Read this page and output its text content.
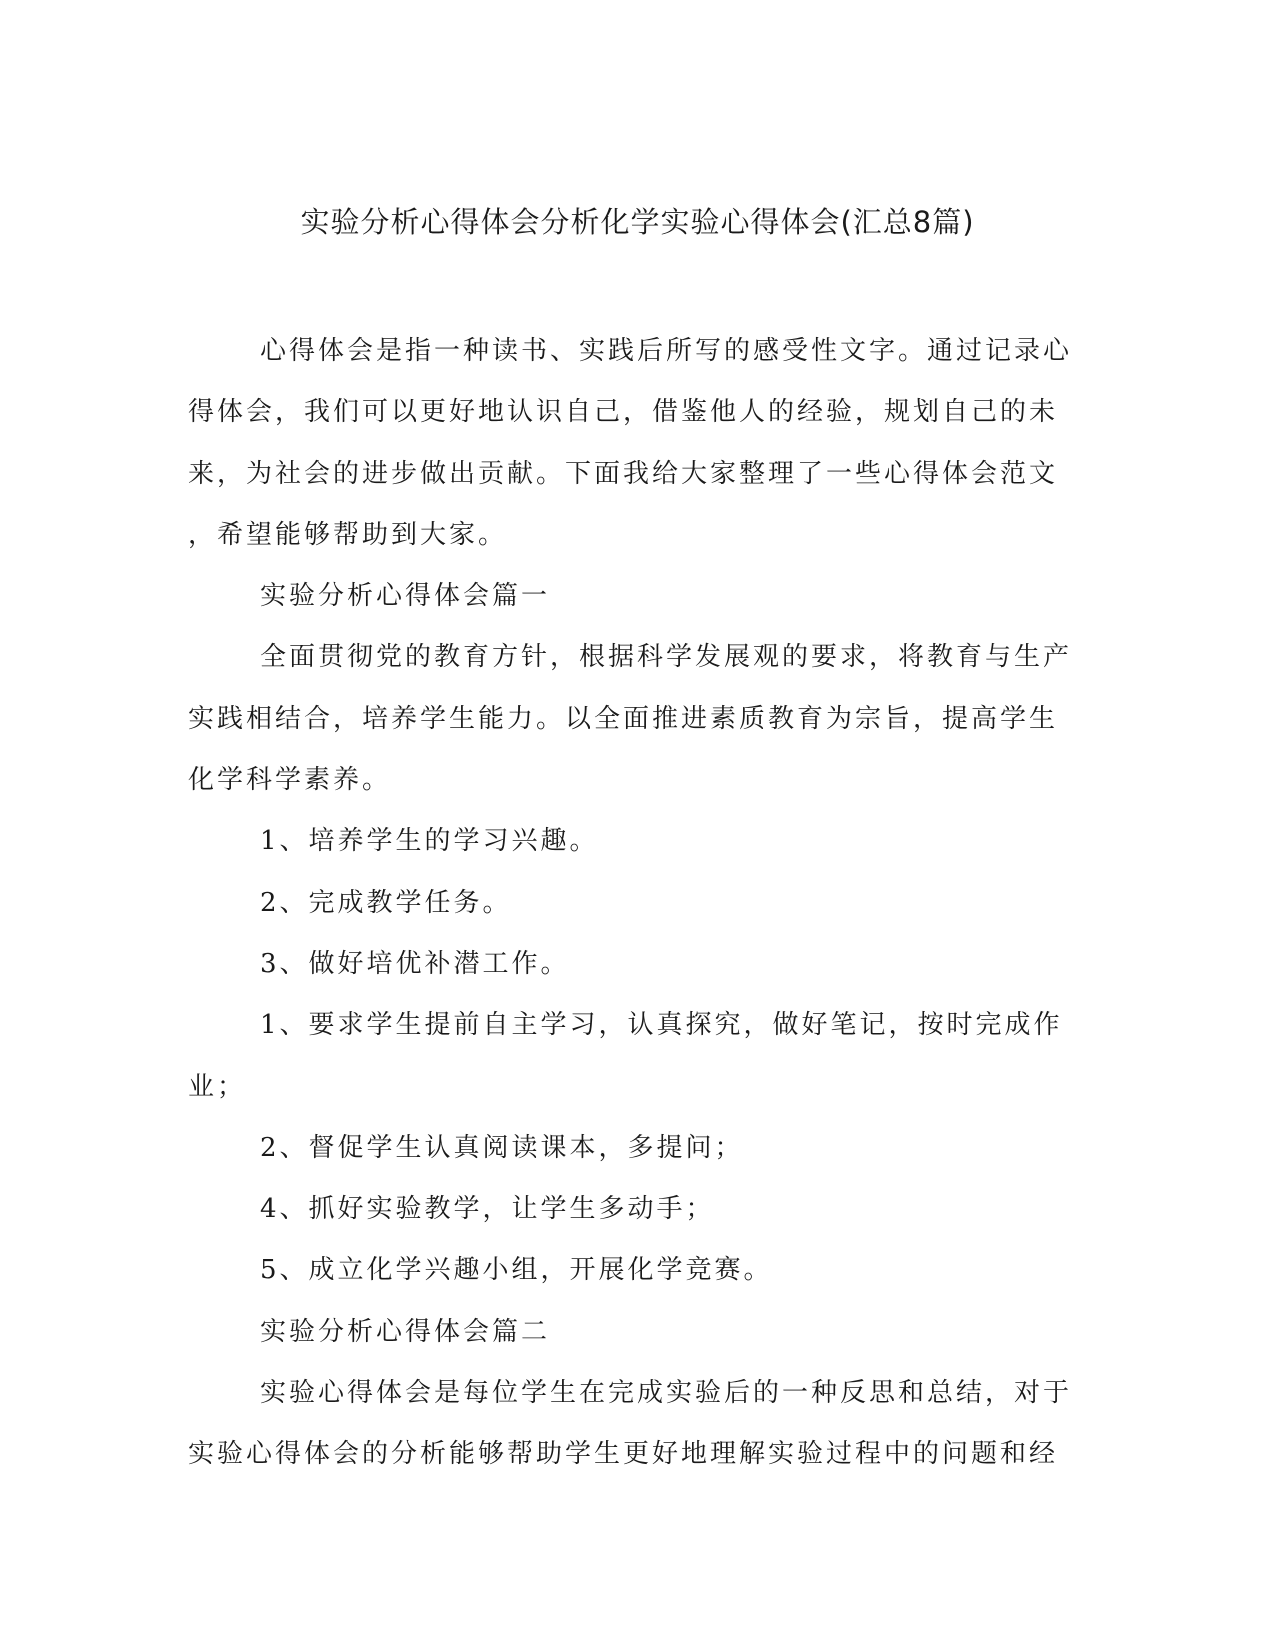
实验分析心得体会分析化学实验心得体会(汇总8篇)
心得体会是指一种读书、实践后所写的感受性文字。通过记录心
得体会，我们可以更好地认识自己，借鉴他人的经验，规划自己的未
来，为社会的进步做出贡献。下面我给大家整理了一些心得体会范文
，希望能够帮助到大家。
实验分析心得体会篇一
全面贯彻党的教育方针，根据科学发展观的要求，将教育与生产
实践相结合，培养学生能力。以全面推进素质教育为宗旨，提高学生
化学科学素养。
1、培养学生的学习兴趣。
2、完成教学任务。
3、做好培优补潜工作。
1、要求学生提前自主学习，认真探究，做好笔记，按时完成作
业；
2、督促学生认真阅读课本，多提问；
4、抓好实验教学，让学生多动手；
5、成立化学兴趣小组，开展化学竞赛。
实验分析心得体会篇二
实验心得体会是每位学生在完成实验后的一种反思和总结，对于
实验心得体会的分析能够帮助学生更好地理解实验过程中的问题和经
